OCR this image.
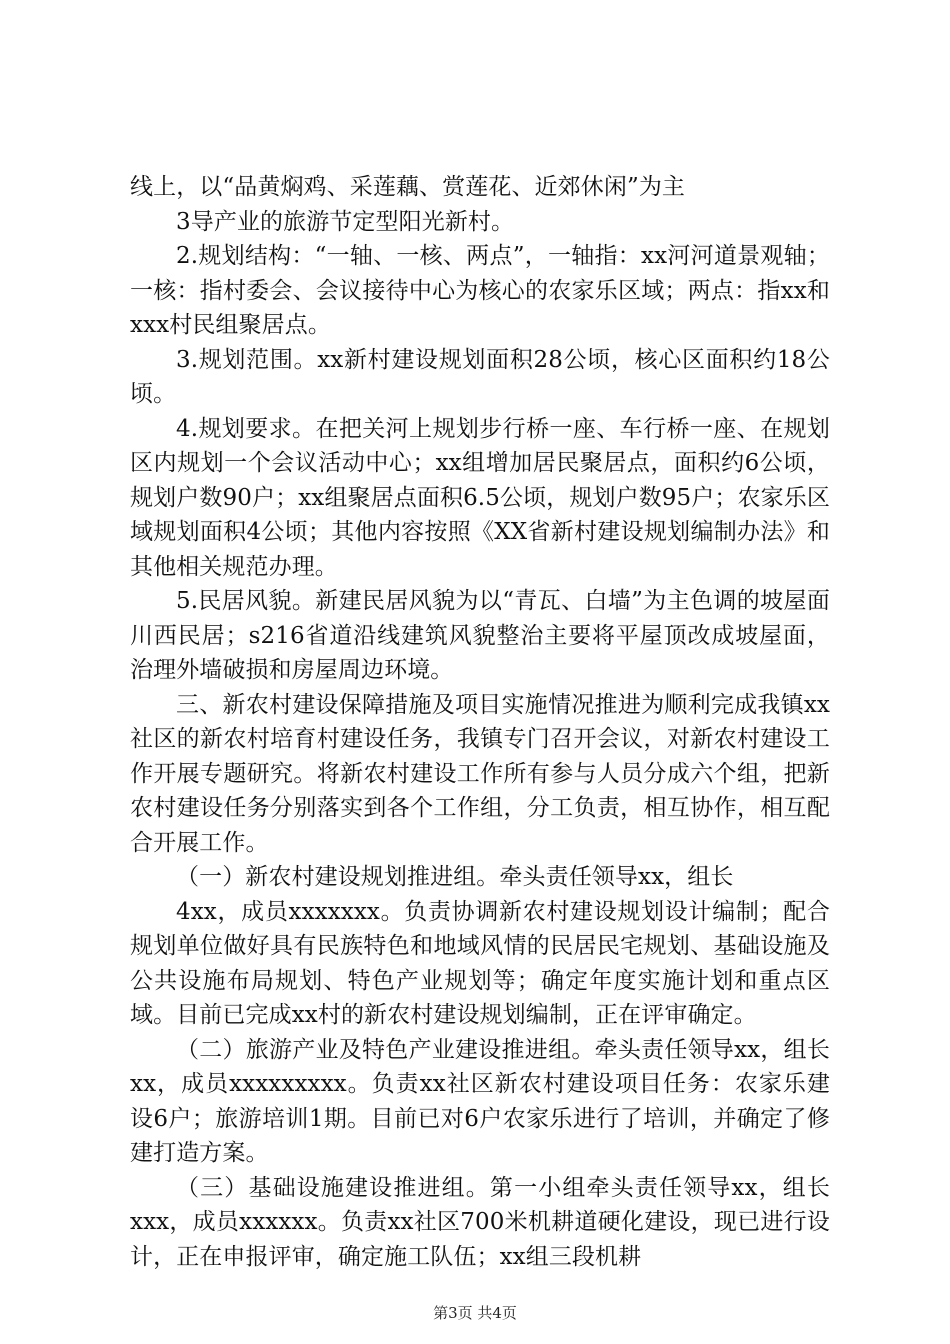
线上，以“品黄焖鸡、采莲藕、赏莲花、近郊休闲”为主

3导产业的旅游节定型阳光新村。

2.规划结构：“一轴、一核、两点”，一轴指：xx河河道景观轴；一核：指村委会、会议接待中心为核心的农家乐区域；两点：指xx和xxx村民组聚居点。

3.规划范围。xx新村建设规划面积28公顷，核心区面积约18公顷。

4.规划要求。在把关河上规划步行桥一座、车行桥一座、在规划区内规划一个会议活动中心；xx组增加居民聚居点，面积约6公顷，规划户数90户；xx组聚居点面积6.5公顷，规划户数95户；农家乐区域规划面积4公顷；其他内容按照《XX省新村建设规划编制办法》和其他相关规范办理。

5.民居风貌。新建民居风貌为以“青瓦、白墙”为主色调的坡屋面川西民居；s216省道沿线建筑风貌整治主要将平屋顶改成坡屋面，治理外墙破损和房屋周边环境。

三、新农村建设保障措施及项目实施情况推进为顺利完成我镇xx社区的新农村培育村建设任务，我镇专门召开会议，对新农村建设工作开展专题研究。将新农村建设工作所有参与人员分成六个组，把新农村建设任务分别落实到各个工作组，分工负责，相互协作，相互配合开展工作。

（一）新农村建设规划推进组。牵头责任领导xx，组长

4xx，成员xxxxxxx。负责协调新农村建设规划设计编制；配合规划单位做好具有民族特色和地域风情的民居民宅规划、基础设施及公共设施布局规划、特色产业规划等；确定年度实施计划和重点区域。目前已完成xx村的新农村建设规划编制，正在评审确定。

（二）旅游产业及特色产业建设推进组。牵头责任领导xx，组长xx，成员xxxxxxxxx。负责xx社区新农村建设项目任务：农家乐建设6户；旅游培训1期。目前已对6户农家乐进行了培训，并确定了修建打造方案。

（三）基础设施建设推进组。第一小组牵头责任领导xx，组长xxx，成员xxxxxx。负责xx社区700米机耕道硬化建设，现已进行设计，正在申报评审，确定施工队伍；xx组三段机耕

第3页 共4页
